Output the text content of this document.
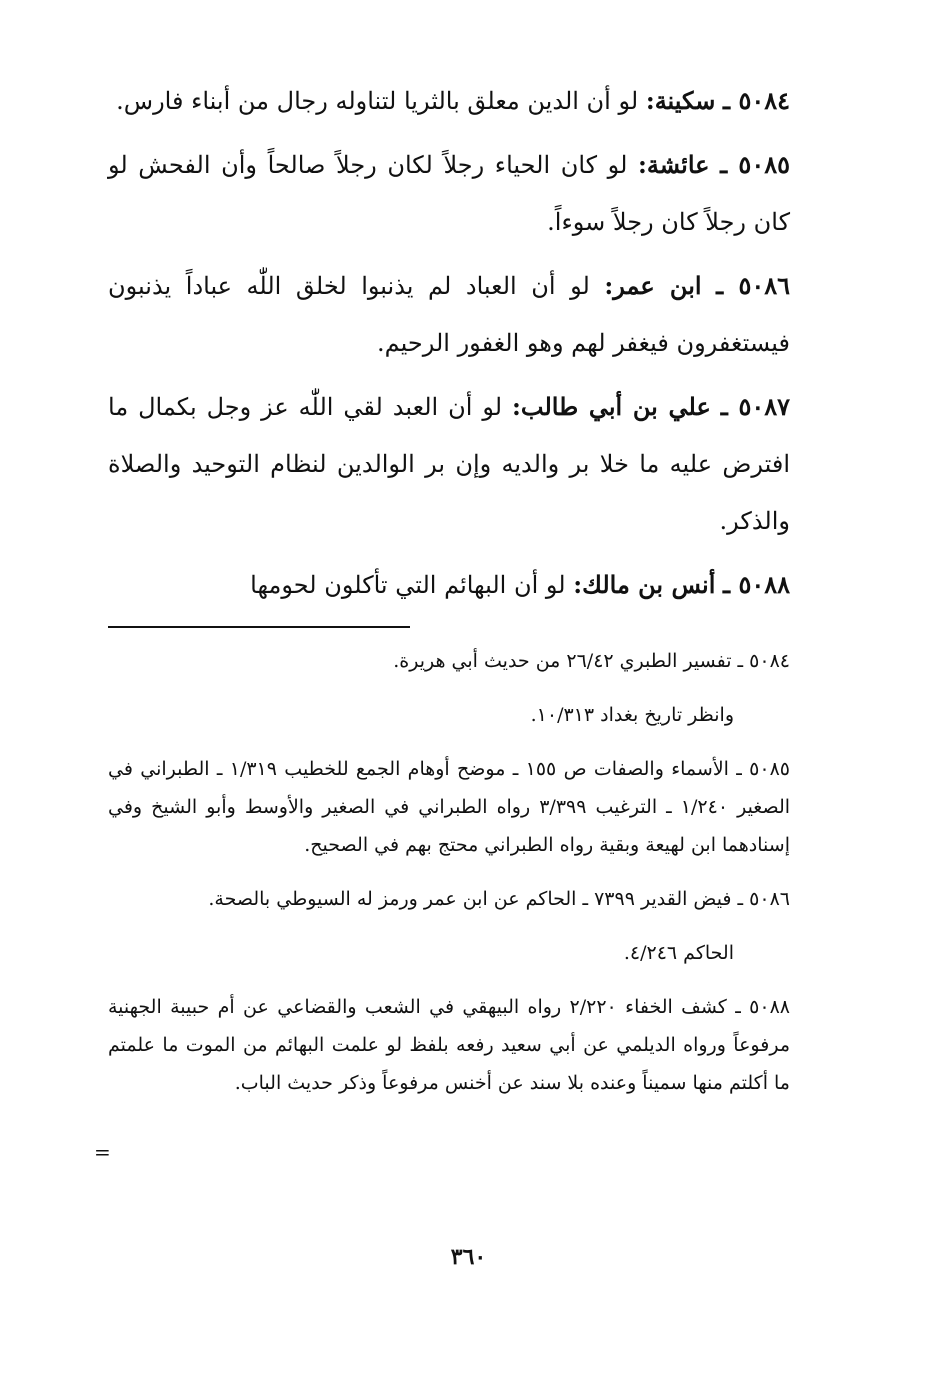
٥٠٨٤ ـ سكينة: لو أن الدين معلق بالثريا لتناوله رجال من أبناء فارس.

٥٠٨٥ ـ عائشة: لو كان الحياء رجلاً لكان رجلاً صالحاً وأن الفحش لو كان رجلاً كان رجلاً سوءاً.

٥٠٨٦ ـ ابن عمر: لو أن العباد لم يذنبوا لخلق اللّٰه عباداً يذنبون فيستغفرون فيغفر لهم وهو الغفور الرحيم.

٥٠٨٧ ـ علي بن أبي طالب: لو أن العبد لقي اللّٰه عز وجل بكمال ما افترض عليه ما خلا بر والديه وإن بر الوالدين لنظام التوحيد والصلاة والذكر.

٥٠٨٨ ـ أنس بن مالك: لو أن البهائم التي تأكلون لحومها

٥٠٨٤ ـ تفسير الطبري ٢٦/٤٢ من حديث أبي هريرة.

وانظر تاريخ بغداد ١٠/٣١٣.

٥٠٨٥ ـ الأسماء والصفات ص ١٥٥ ـ موضح أوهام الجمع للخطيب ١/٣١٩ ـ الطبراني في الصغير ١/٢٤٠ ـ الترغيب ٣/٣٩٩ رواه الطبراني في الصغير والأوسط وأبو الشيخ وفي إسنادهما ابن لهيعة وبقية رواه الطبراني محتج بهم في الصحيح.

٥٠٨٦ ـ فيض القدير ٧٣٩٩ ـ الحاكم عن ابن عمر ورمز له السيوطي بالصحة.

الحاكم ٤/٢٤٦.

٥٠٨٨ ـ كشف الخفاء ٢/٢٢٠ رواه البيهقي في الشعب والقضاعي عن أم حبيبة الجهنية مرفوعاً ورواه الديلمي عن أبي سعيد رفعه بلفظ لو علمت البهائم من الموت ما علمتم ما أكلتم منها سميناً وعنده بلا سند عن أخنس مرفوعاً وذكر حديث الباب.

=
٣٦٠
